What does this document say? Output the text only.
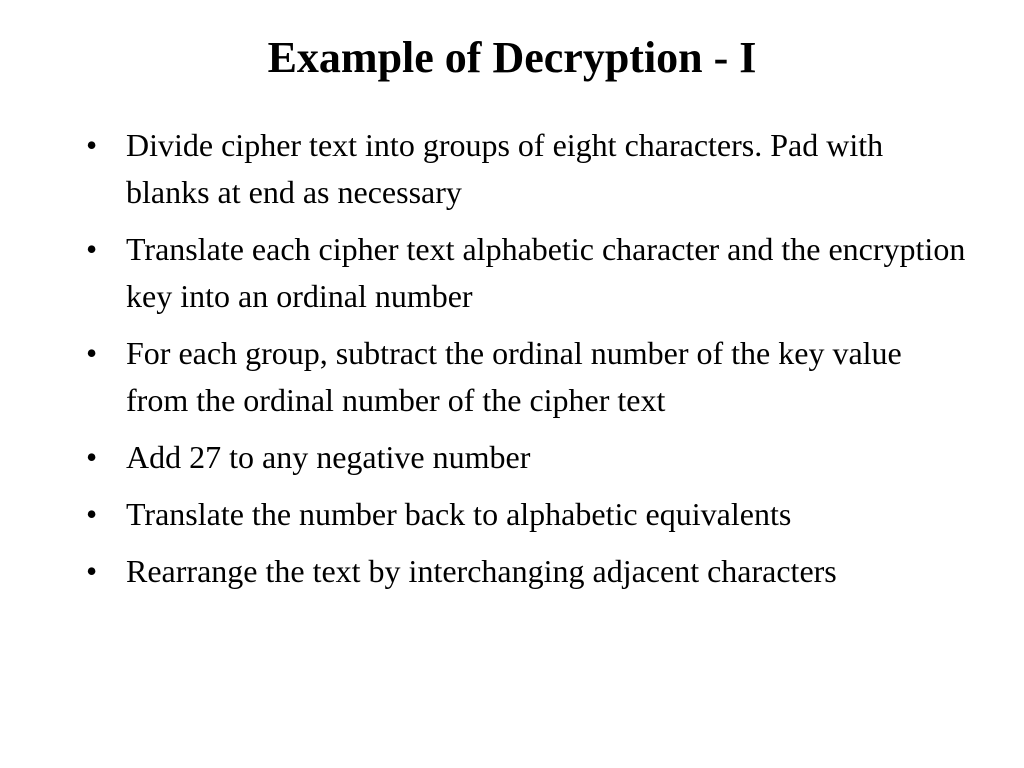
Example of Decryption - I
• Divide cipher text into groups of eight characters. Pad with blanks at end as necessary
• Translate each cipher text alphabetic character and the encryption key into an ordinal number
• For each group, subtract the ordinal number of the key value from the ordinal number of the cipher text
• Add 27 to any negative number
• Translate the number back to alphabetic equivalents
• Rearrange the text by interchanging adjacent characters
